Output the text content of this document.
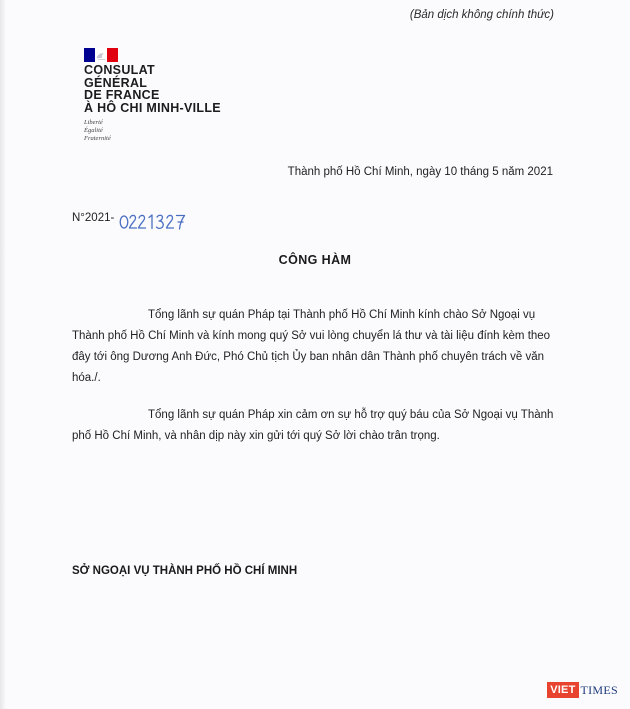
(Bản dịch không chính thức)
CONSULAT
GÉNÉRAL
DE FRANCE
À HÔ CHI MINH-VILLE
Liberté
Égalité
Fraternité
Thành phố Hồ Chí Minh, ngày 10 tháng 5 năm 2021
N°2021-
CÔNG HÀM

Tổng lãnh sự quán Pháp tại Thành phố Hồ Chí Minh kính chào Sở Ngoại vụ Thành phố Hồ Chí Minh và kính mong quý Sở vui lòng chuyển lá thư và tài liệu đính kèm theo đây tới ông Dương Anh Đức, Phó Chủ tịch Ủy ban nhân dân Thành phố chuyên trách về văn hóa./.

Tổng lãnh sự quán Pháp xin cảm ơn sự hỗ trợ quý báu của Sở Ngoại vụ Thành phố Hồ Chí Minh, và nhân dịp này xin gửi tới quý Sở lời chào trân trọng.

SỞ NGOẠI VỤ THÀNH PHỐ HỒ CHÍ MINH
VIET TIMES
